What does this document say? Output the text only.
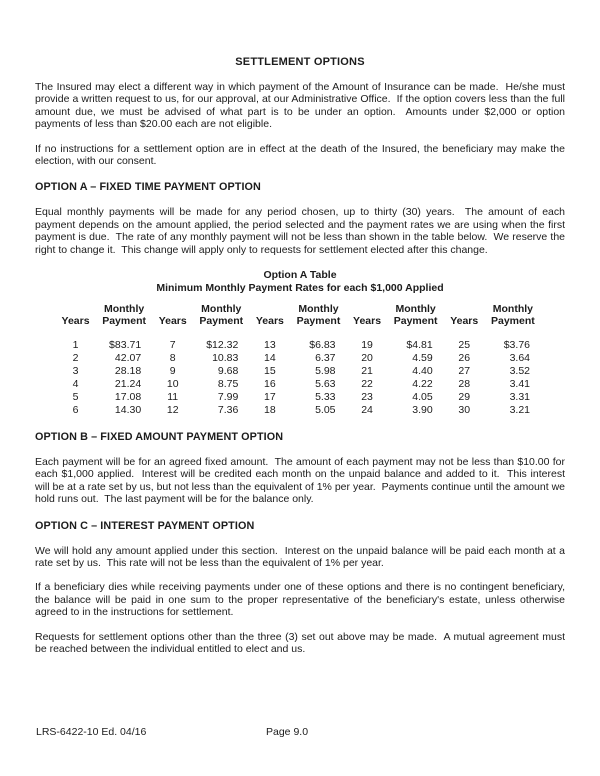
SETTLEMENT OPTIONS

The Insured may elect a different way in which payment of the Amount of Insurance can be made.  He/she must provide a written request to us, for our approval, at our Administrative Office.  If the option covers less than the full amount due, we must be advised of what part is to be under an option.  Amounts under $2,000 or option payments of less than $20.00 each are not eligible.

If no instructions for a settlement option are in effect at the death of the Insured, the beneficiary may make the election, with our consent.

OPTION A – FIXED TIME PAYMENT OPTION

Equal monthly payments will be made for any period chosen, up to thirty (30) years.  The amount of each payment depends on the amount applied, the period selected and the payment rates we are using when the first payment is due.  The rate of any monthly payment will not be less than shown in the table below.  We reserve the right to change it.  This change will apply only to requests for settlement elected after this change.

Option A Table
Minimum Monthly Payment Rates for each $1,000 Applied
Years	Monthly Payment	Years	Monthly Payment	Years	Monthly Payment	Years	Monthly Payment	Years	Monthly Payment

1	$83.71	7	$12.32	13	$6.83	19	$4.81	25	$3.76
2	42.07	8	10.83	14	6.37	20	4.59	26	3.64
3	28.18	9	9.68	15	5.98	21	4.40	27	3.52
4	21.24	10	8.75	16	5.63	22	4.22	28	3.41
5	17.08	11	7.99	17	5.33	23	4.05	29	3.31
6	14.30	12	7.36	18	5.05	24	3.90	30	3.21
OPTION B – FIXED AMOUNT PAYMENT OPTION

Each payment will be for an agreed fixed amount.  The amount of each payment may not be less than $10.00 for each $1,000 applied.  Interest will be credited each month on the unpaid balance and added to it.  This interest will be at a rate set by us, but not less than the equivalent of 1% per year.  Payments continue until the amount we hold runs out.  The last payment will be for the balance only.

OPTION C – INTEREST PAYMENT OPTION

We will hold any amount applied under this section.  Interest on the unpaid balance will be paid each month at a rate set by us.  This rate will not be less than the equivalent of 1% per year.

If a beneficiary dies while receiving payments under one of these options and there is no contingent beneficiary, the balance will be paid in one sum to the proper representative of the beneficiary's estate, unless otherwise agreed to in the instructions for settlement.

Requests for settlement options other than the three (3) set out above may be made.  A mutual agreement must be reached between the individual entitled to elect and us.

LRS-6422-10 Ed. 04/16	Page 9.0
